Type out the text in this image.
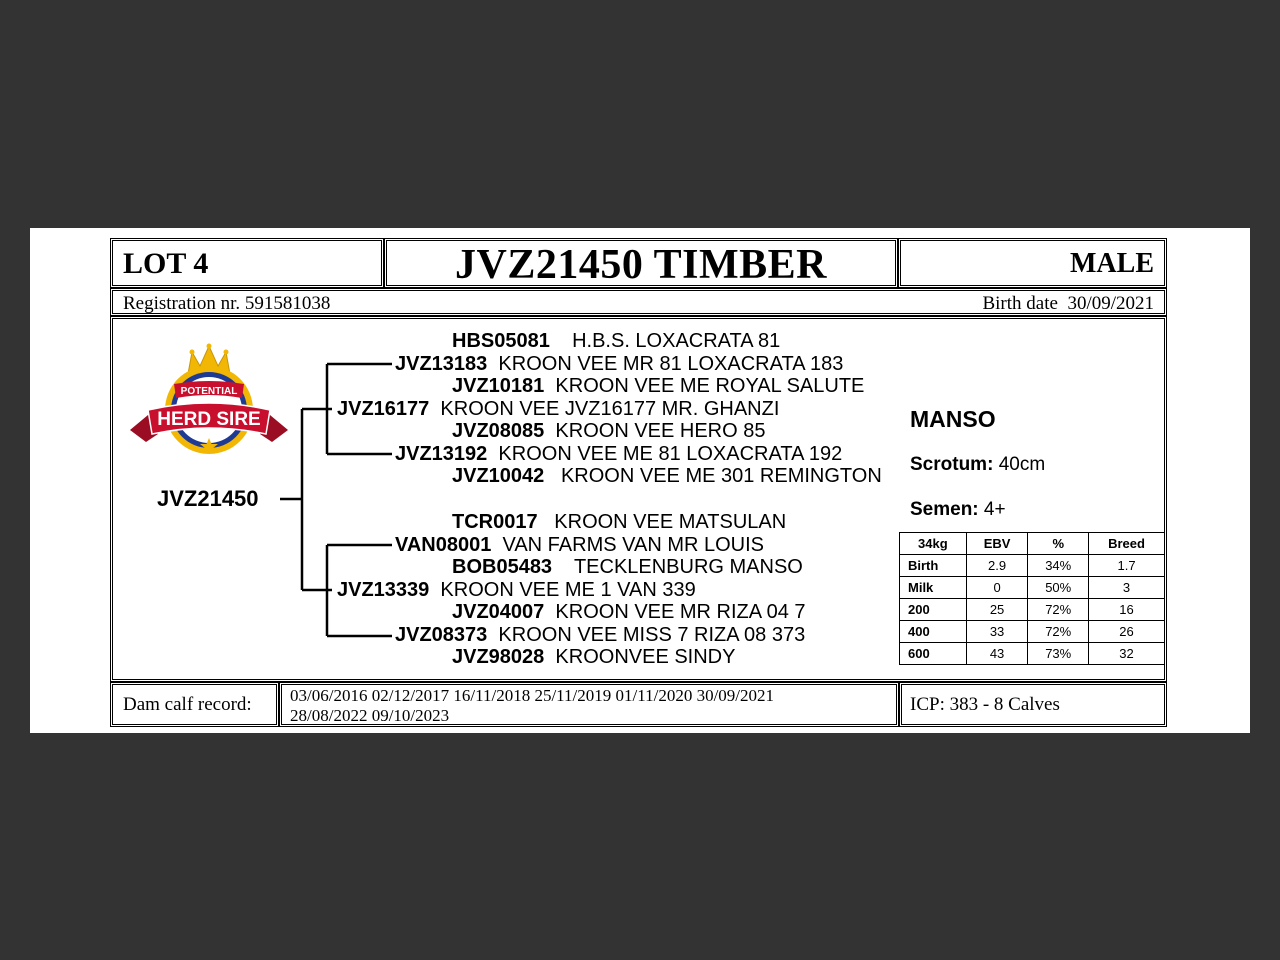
LOT 4	JVZ21450 TIMBER	MALE
Registration nr. 591581038	Birth date 30/09/2021
POTENTIAL
HERD SIRE
JVZ21450
HBS05081 H.B.S. LOXACRATA 81
JVZ13183 KROON VEE MR 81 LOXACRATA 183
JVZ10181 KROON VEE ME ROYAL SALUTE
JVZ16177 KROON VEE JVZ16177 MR. GHANZI
JVZ08085 KROON VEE HERO 85
JVZ13192 KROON VEE ME 81 LOXACRATA 192
JVZ10042 KROON VEE ME 301 REMINGTON
TCR0017 KROON VEE MATSULAN
VAN08001 VAN FARMS VAN MR LOUIS
BOB05483 TECKLENBURG MANSO
JVZ13339 KROON VEE ME 1 VAN 339
JVZ04007 KROON VEE MR RIZA 04 7
JVZ08373 KROON VEE MISS 7 RIZA 08 373
JVZ98028 KROONVEE SINDY
MANSO
Scrotum: 40cm
Semen: 4+
34kg	EBV	%	Breed
Birth	2.9	34%	1.7
Milk	0	50%	3
200	25	72%	16
400	33	72%	26
600	43	73%	32
Dam calf record: 03/06/2016 02/12/2017 16/11/2018 25/11/2019 01/11/2020 30/09/2021
28/08/2022 09/10/2023
ICP: 383 - 8 Calves
